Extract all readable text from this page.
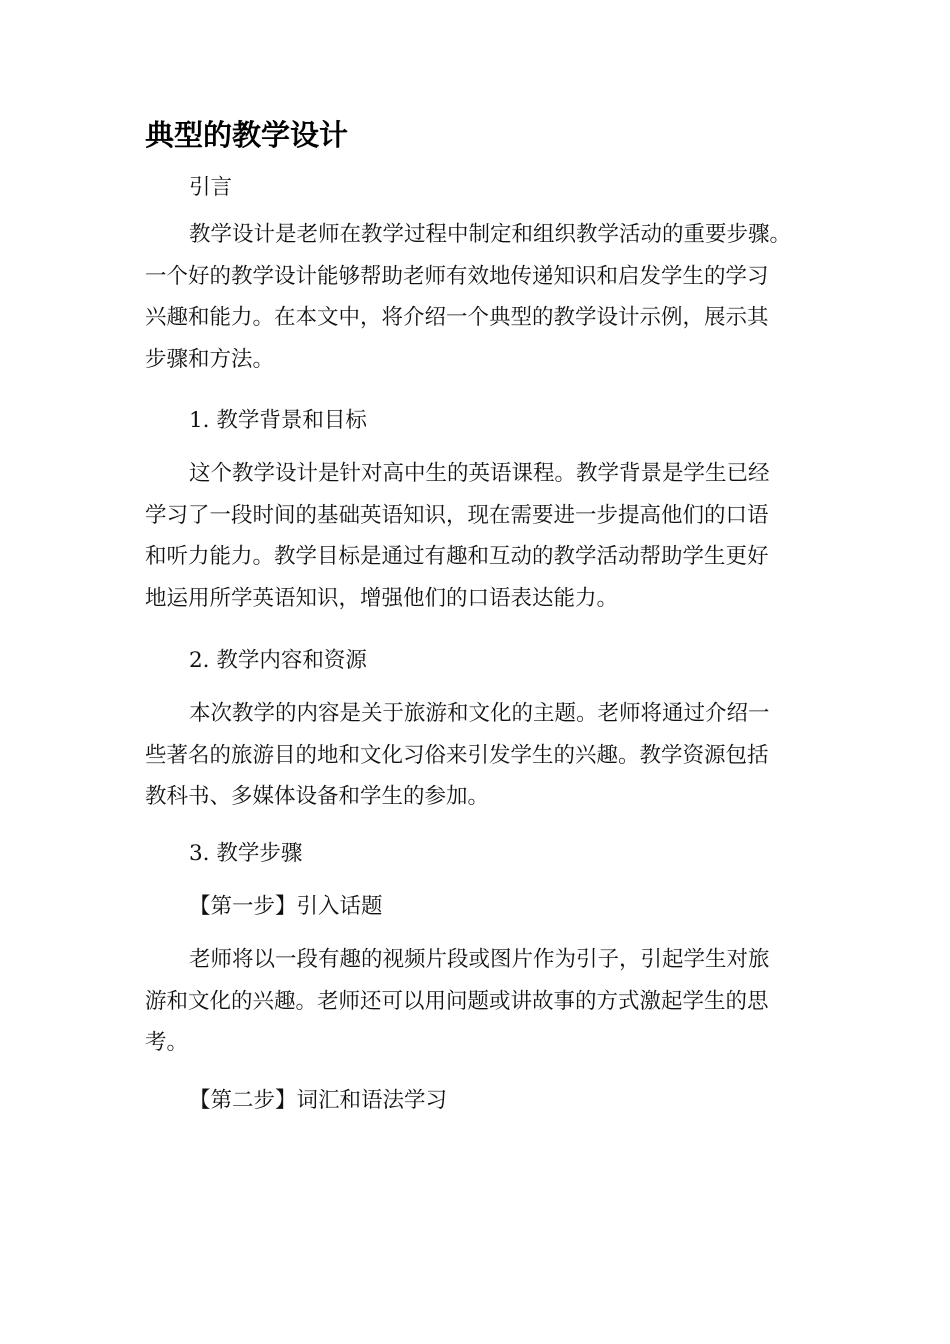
典型的教学设计

引言

教学设计是老师在教学过程中制定和组织教学活动的重要步骤。
一个好的教学设计能够帮助老师有效地传递知识和启发学生的学习
兴趣和能力。在本文中，将介绍一个典型的教学设计示例，展示其
步骤和方法。

1. 教学背景和目标

这个教学设计是针对高中生的英语课程。教学背景是学生已经
学习了一段时间的基础英语知识，现在需要进一步提高他们的口语
和听力能力。教学目标是通过有趣和互动的教学活动帮助学生更好
地运用所学英语知识，增强他们的口语表达能力。

2. 教学内容和资源

本次教学的内容是关于旅游和文化的主题。老师将通过介绍一
些著名的旅游目的地和文化习俗来引发学生的兴趣。教学资源包括
教科书、多媒体设备和学生的参加。

3. 教学步骤

【第一步】引入话题

老师将以一段有趣的视频片段或图片作为引子，引起学生对旅
游和文化的兴趣。老师还可以用问题或讲故事的方式激起学生的思
考。

【第二步】词汇和语法学习
